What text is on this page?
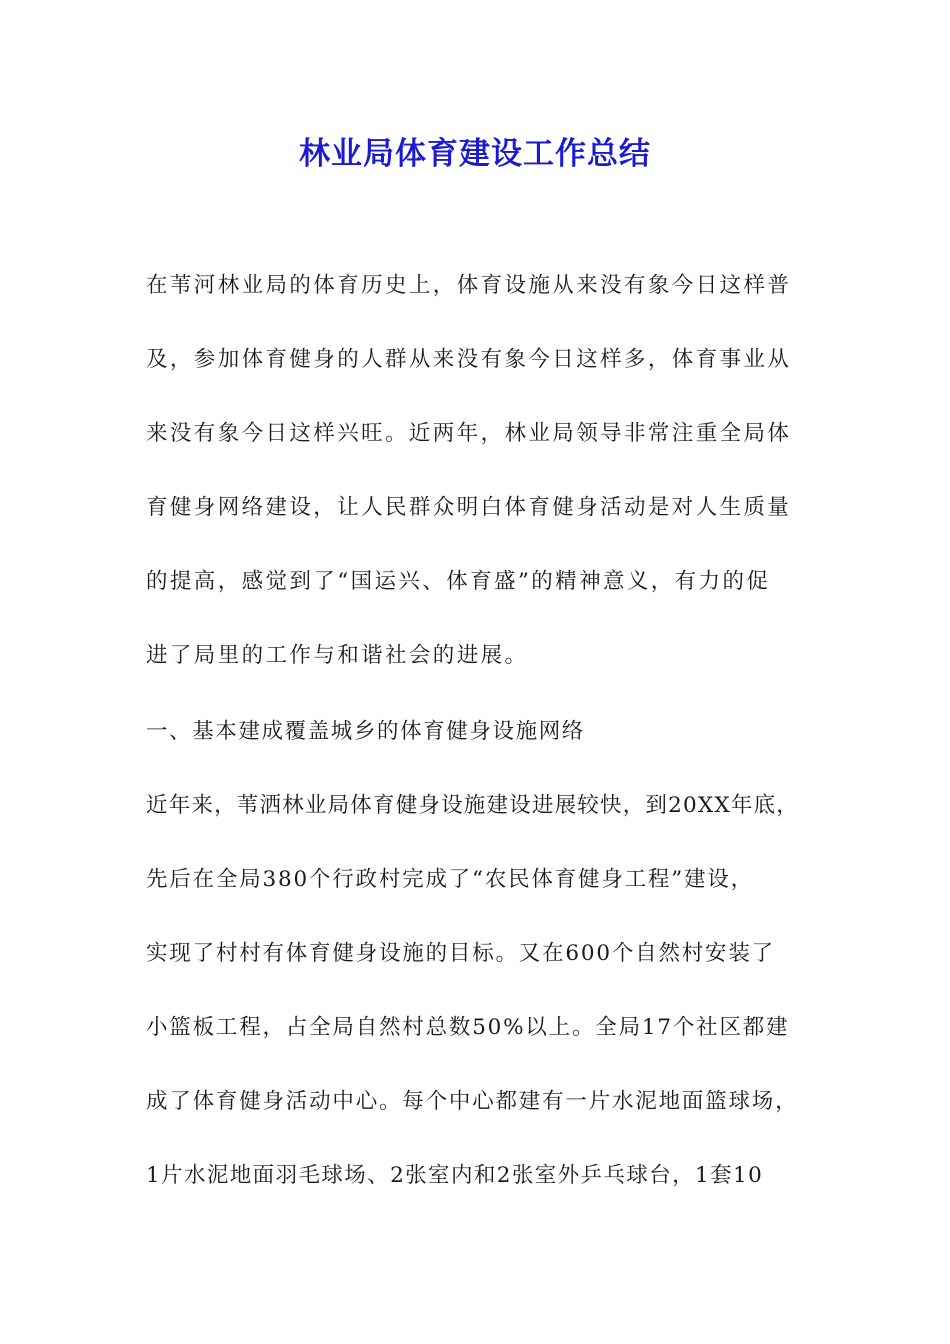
林业局体育建设工作总结

在苇河林业局的体育历史上，体育设施从来没有象今日这样普

及，参加体育健身的人群从来没有象今日这样多，体育事业从

来没有象今日这样兴旺。近两年，林业局领导非常注重全局体

育健身网络建设，让人民群众明白体育健身活动是对人生质量

的提高，感觉到了“国运兴、体育盛”的精神意义，有力的促

进了局里的工作与和谐社会的进展。

一、基本建成覆盖城乡的体育健身设施网络

近年来，苇洒林业局体育健身设施建设进展较快，到20XX年底，

先后在全局380个行政村完成了“农民体育健身工程”建设，

实现了村村有体育健身设施的目标。又在600个自然村安装了

小篮板工程，占全局自然村总数50%以上。全局17个社区都建

成了体育健身活动中心。每个中心都建有一片水泥地面篮球场，

1片水泥地面羽毛球场、2张室内和2张室外乒乓球台，1套10
